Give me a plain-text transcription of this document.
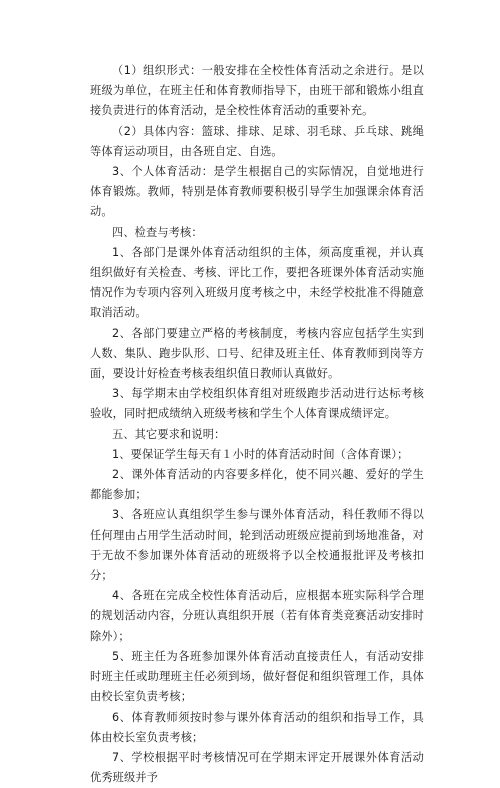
（1）组织形式：一般安排在全校性体育活动之余进行。是以班级为单位，在班主任和体育教师指导下，由班干部和锻炼小组直接负责进行的体育活动，是全校性体育活动的重要补充。

（2）具体内容：篮球、排球、足球、羽毛球、乒乓球、跳绳等体育运动项目，由各班自定、自选。

3、个人体育活动：是学生根据自己的实际情况，自觉地进行体育锻炼。教师，特别是体育教师要积极引导学生加强课余体育活动。

四、检查与考核：

1、各部门是课外体育活动组织的主体，须高度重视，并认真组织做好有关检查、考核、评比工作，要把各班课外体育活动实施情况作为专项内容列入班级月度考核之中，未经学校批准不得随意取消活动。

2、各部门要建立严格的考核制度，考核内容应包括学生实到人数、集队、跑步队形、口号、纪律及班主任、体育教师到岗等方面，要设计好检查考核表组织值日教师认真做好。

3、每学期末由学校组织体育组对班级跑步活动进行达标考核验收，同时把成绩纳入班级考核和学生个人体育课成绩评定。

五、其它要求和说明：

1、要保证学生每天有１小时的体育活动时间（含体育课）；

2、课外体育活动的内容要多样化，使不同兴趣、爱好的学生都能参加；

3、各班应认真组织学生参与课外体育活动，科任教师不得以任何理由占用学生活动时间，轮到活动班级应提前到场地准备，对于无故不参加课外体育活动的班级将予以全校通报批评及考核扣分；

4、各班在完成全校性体育活动后，应根据本班实际科学合理的规划活动内容，分班认真组织开展（若有体育类竞赛活动安排时除外）；

5、班主任为各班参加课外体育活动直接责任人，有活动安排时班主任或助理班主任必须到场，做好督促和组织管理工作，具体由校长室负责考核；

6、体育教师须按时参与课外体育活动的组织和指导工作，具体由校长室负责考核；

7、学校根据平时考核情况可在学期末评定开展课外体育活动优秀班级并予
